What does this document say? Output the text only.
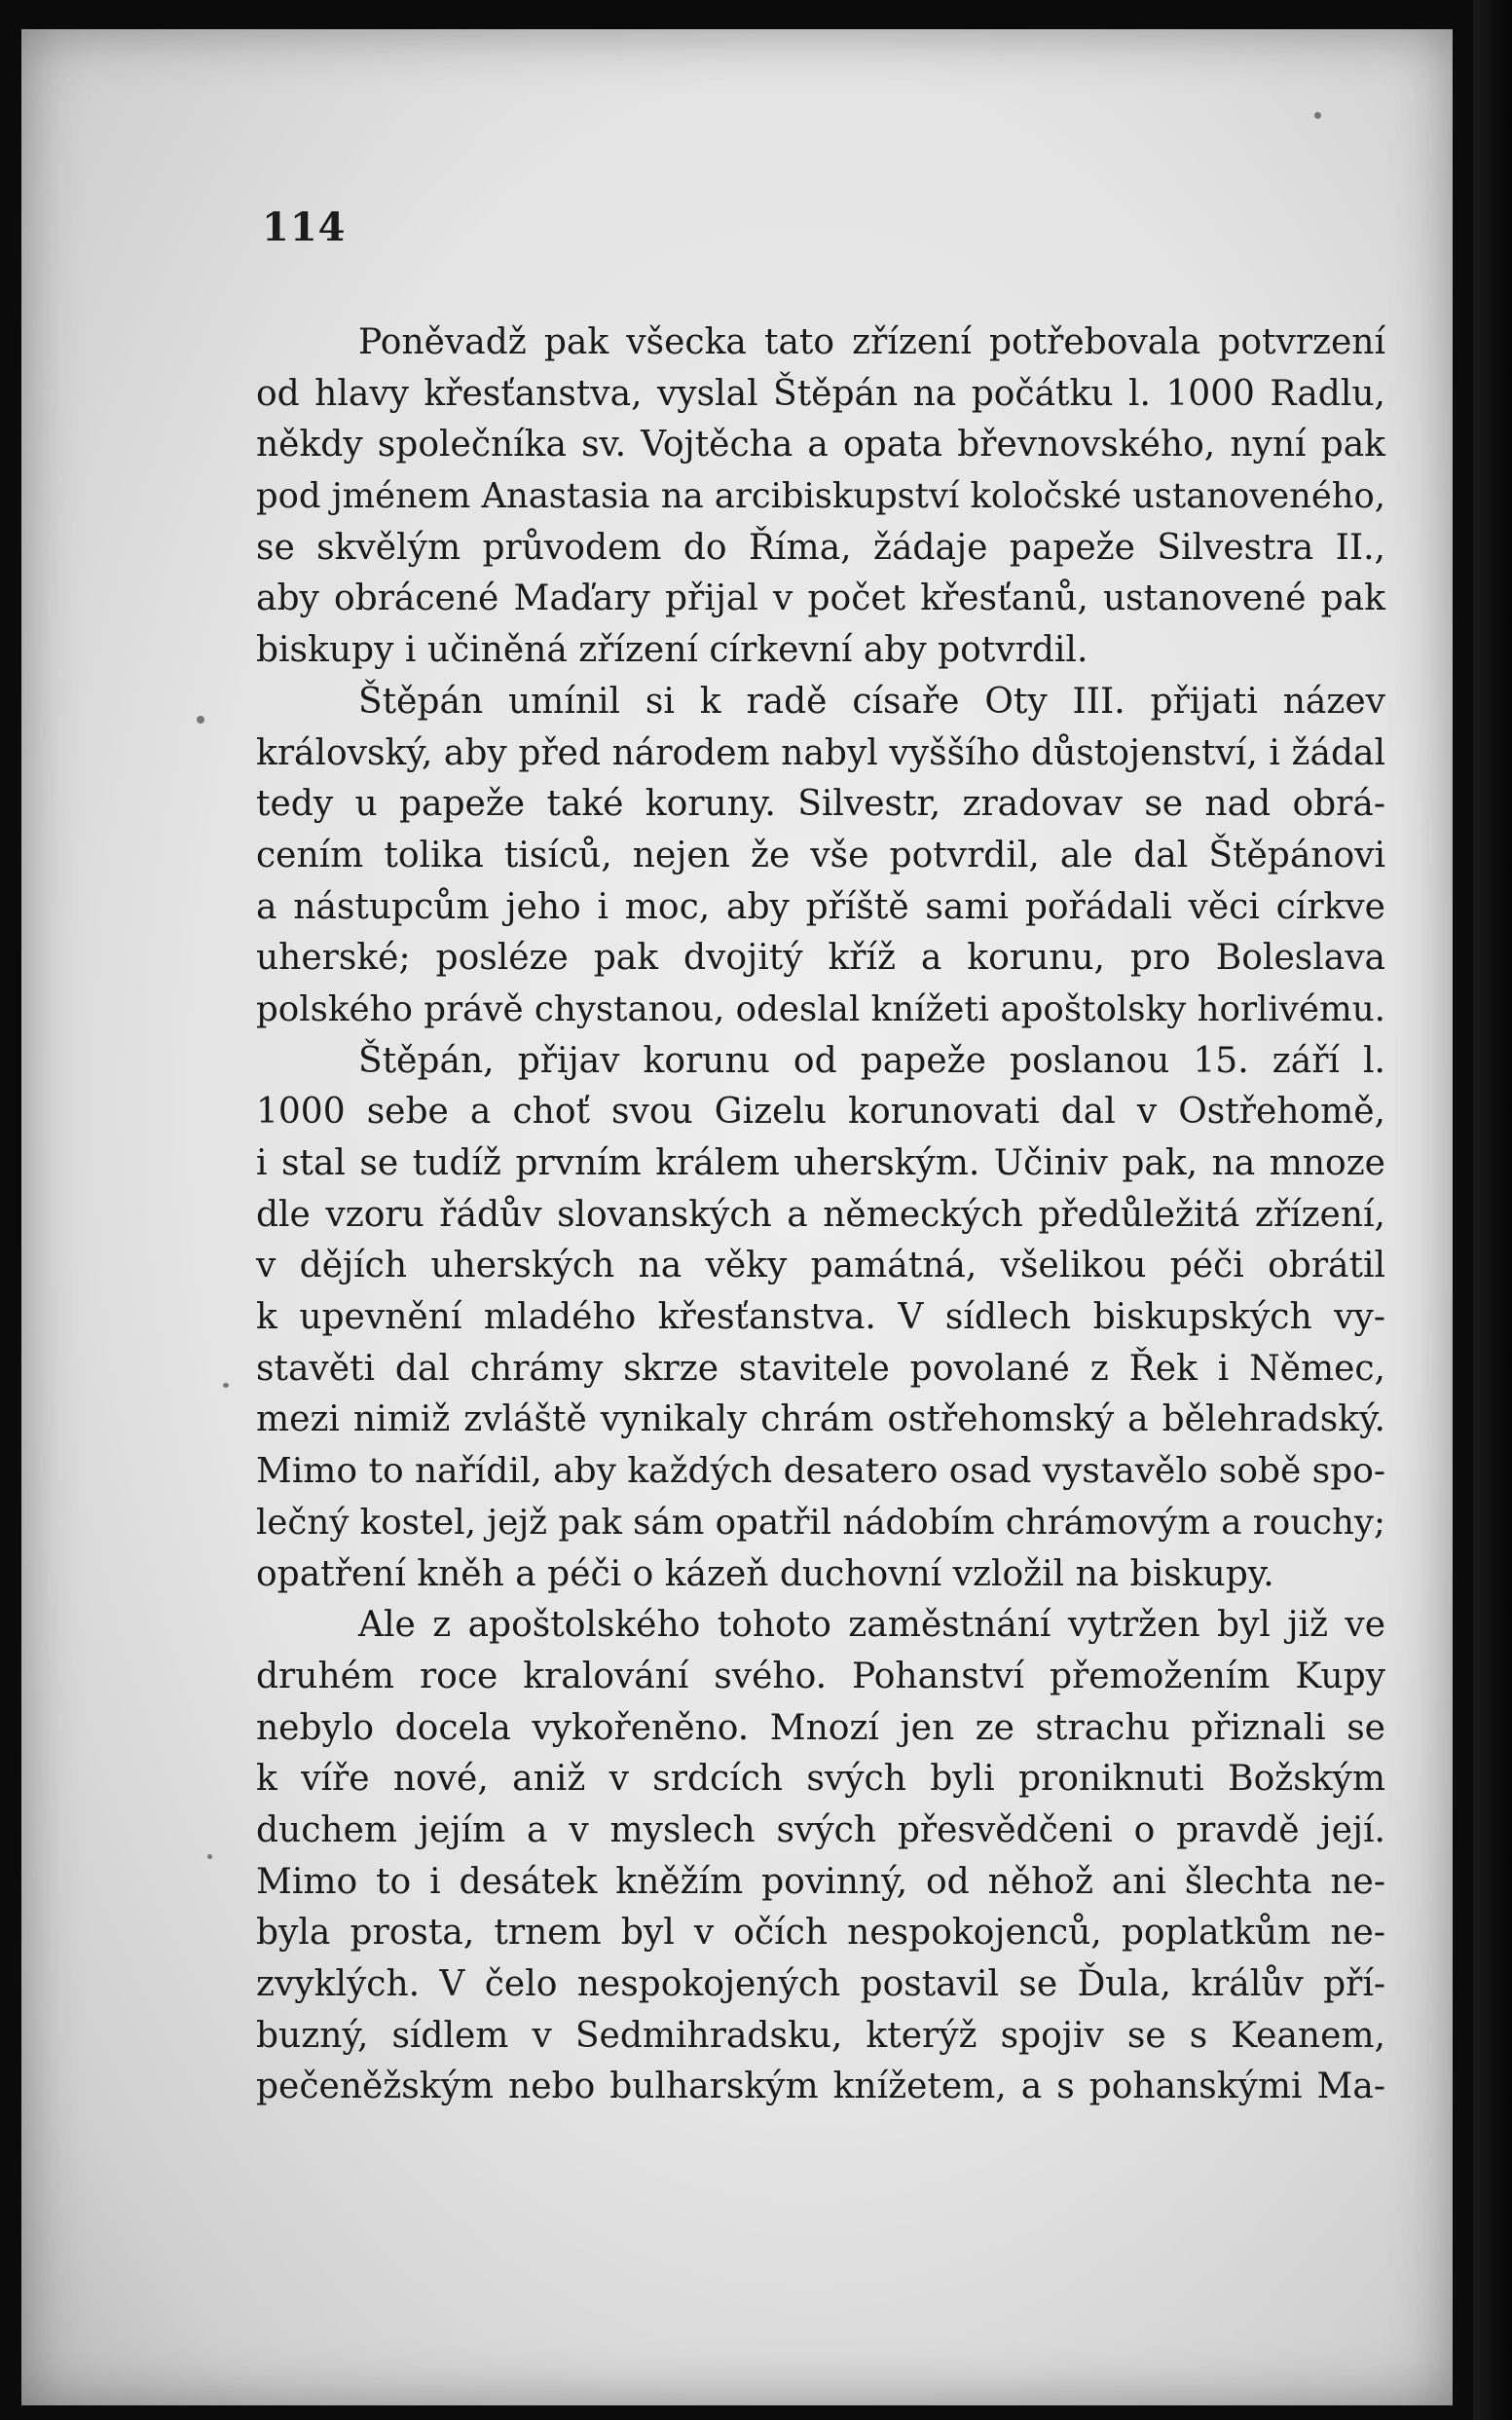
114
Poněvadž pak všecka tato zřízení potřebovala potvrzení
od hlavy křesťanstva, vyslal Štěpán na počátku l. 1000 Radlu,
někdy společníka sv. Vojtěcha a opata břevnovského, nyní pak
pod jménem Anastasia na arcibiskupství koločské ustanoveného,
se skvělým průvodem do Říma, žádaje papeže Silvestra II.,
aby obrácené Maďary přijal v počet křesťanů, ustanovené pak
biskupy i učiněná zřízení církevní aby potvrdil.
Štěpán umínil si k radě císaře Oty III. přijati název
královský, aby před národem nabyl vyššího důstojenství, i žádal
tedy u papeže také koruny. Silvestr, zradovav se nad obrá-
cením tolika tisíců, nejen že vše potvrdil, ale dal Štěpánovi
a nástupcům jeho i moc, aby příště sami pořádali věci církve
uherské; posléze pak dvojitý kříž a korunu, pro Boleslava
polského právě chystanou, odeslal knížeti apoštolsky horlivému.
Štěpán, přijav korunu od papeže poslanou 15. září l.
1000 sebe a choť svou Gizelu korunovati dal v Ostřehomě,
i stal se tudíž prvním králem uherským. Učiniv pak, na mnoze
dle vzoru řádův slovanských a německých předůležitá zřízení,
v dějích uherských na věky památná, všelikou péči obrátil
k upevnění mladého křesťanstva. V sídlech biskupských vy-
stavěti dal chrámy skrze stavitele povolané z Řek i Němec,
mezi nimiž zvláště vynikaly chrám ostřehomský a bělehradský.
Mimo to nařídil, aby každých desatero osad vystavělo sobě spo-
lečný kostel, jejž pak sám opatřil nádobím chrámovým a rouchy;
opatření kněh a péči o kázeň duchovní vzložil na biskupy.
Ale z apoštolského tohoto zaměstnání vytržen byl již ve
druhém roce kralování svého. Pohanství přemožením Kupy
nebylo docela vykořeněno. Mnozí jen ze strachu přiznali se
k víře nové, aniž v srdcích svých byli proniknuti Božským
duchem jejím a v myslech svých přesvědčeni o pravdě její.
Mimo to i desátek kněžím povinný, od něhož ani šlechta ne-
byla prosta, trnem byl v očích nespokojenců, poplatkům ne-
zvyklých. V čelo nespokojených postavil se Ďula, králův pří-
buzný, sídlem v Sedmihradsku, kterýž spojiv se s Keanem,
pečeněžským nebo bulharským knížetem, a s pohanskými Ma-
